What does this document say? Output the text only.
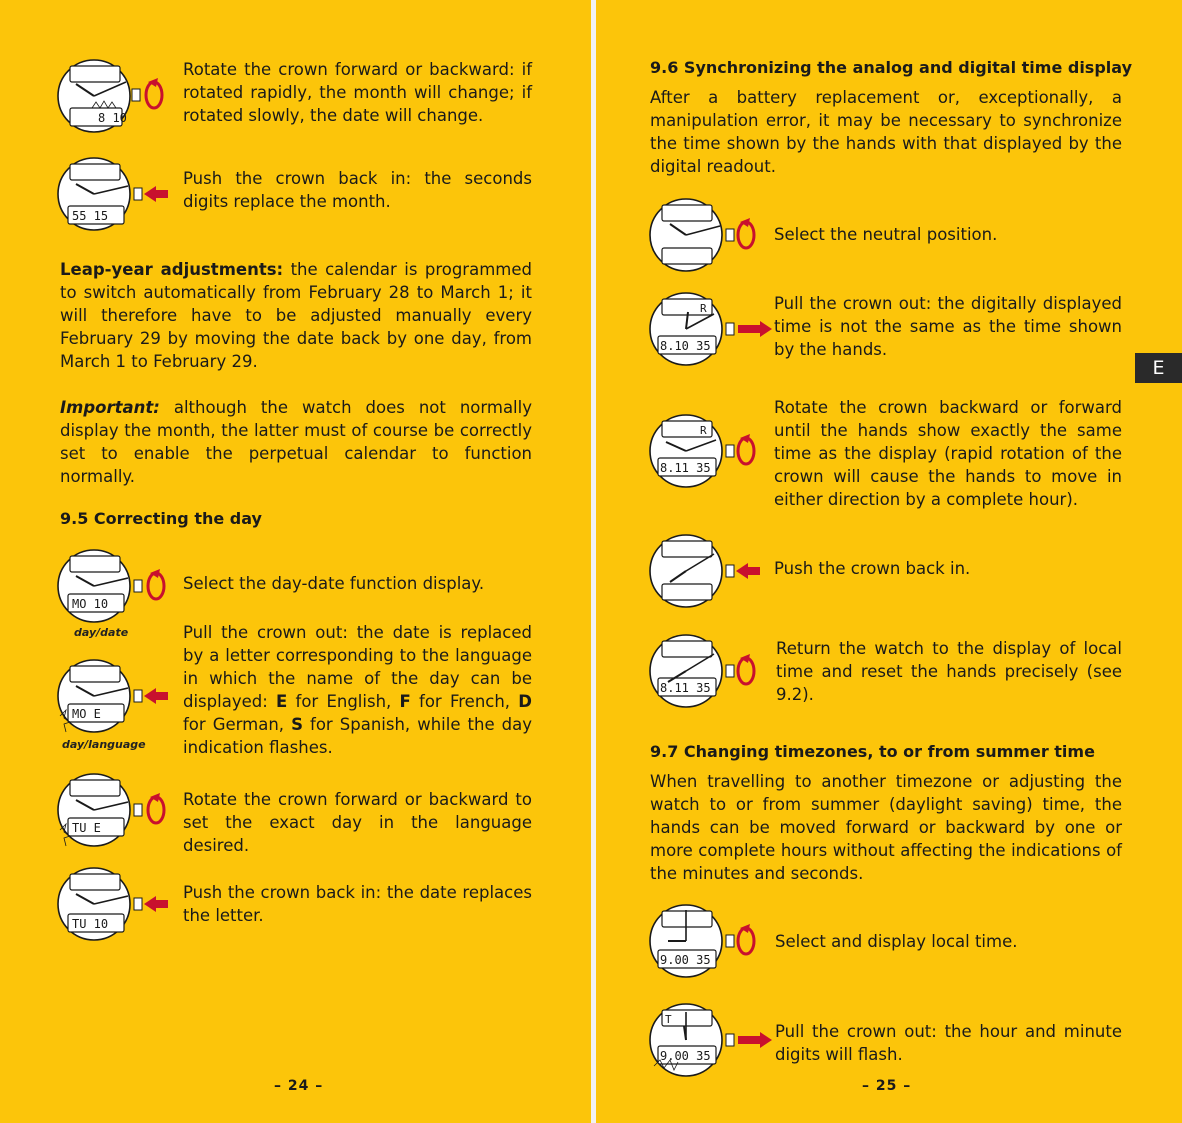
8 10
Rotate the crown forward or backward: if rotated rapidly, the month will change; if rotated slowly, the date will change.
55 15
Push the crown back in: the seconds digits replace the month.
Leap-year adjustments: the calendar is programmed to switch automatically from February 28 to March 1; it will therefore have to be adjusted manually every February 29 by moving the date back by one day, from March 1 to February 29.
Important: although the watch does not normally display the month, the latter must of course be correctly set to enable the perpetual calendar to function normally.
9.5 Correcting the day
MO 10
day/date
Select the day-date function display.
MO E
day/language
Pull the crown out: the date is replaced by a letter corresponding to the language in which the name of the day can be displayed: E for English, F for French, D for German, S for Spanish, while the day indication flashes.
TU E
Rotate the crown forward or backward to set the exact day in the language desired.
TU 10
Push the crown back in: the date replaces the letter.
– 24 –
9.6 Synchronizing the analog and digital time display
After a battery replacement or, exceptionally, a manipulation error, it may be necessary to synchronize the time shown by the hands with that displayed by the digital readout.
Select the neutral position.
R
8.10 35
Pull the crown out: the digitally displayed time is not the same as the time shown by the hands.
R
8.11 35
Rotate the crown backward or forward until the hands show exactly the same time as the display (rapid rotation of the crown will cause the hands to move in either direction by a complete hour).
Push the crown back in.
8.11 35
Return the watch to the display of local time and reset the hands precisely (see 9.2).
9.7 Changing timezones, to or from summer time
When travelling to another timezone or adjusting the watch to or from summer (daylight saving) time, the hands can be moved forward or backward by one or more complete hours without affecting the indications of the minutes and seconds.
9.00 35
Select and display local time.
T
9.00 35
Pull the crown out: the hour and minute digits will flash.
– 25 –
E
